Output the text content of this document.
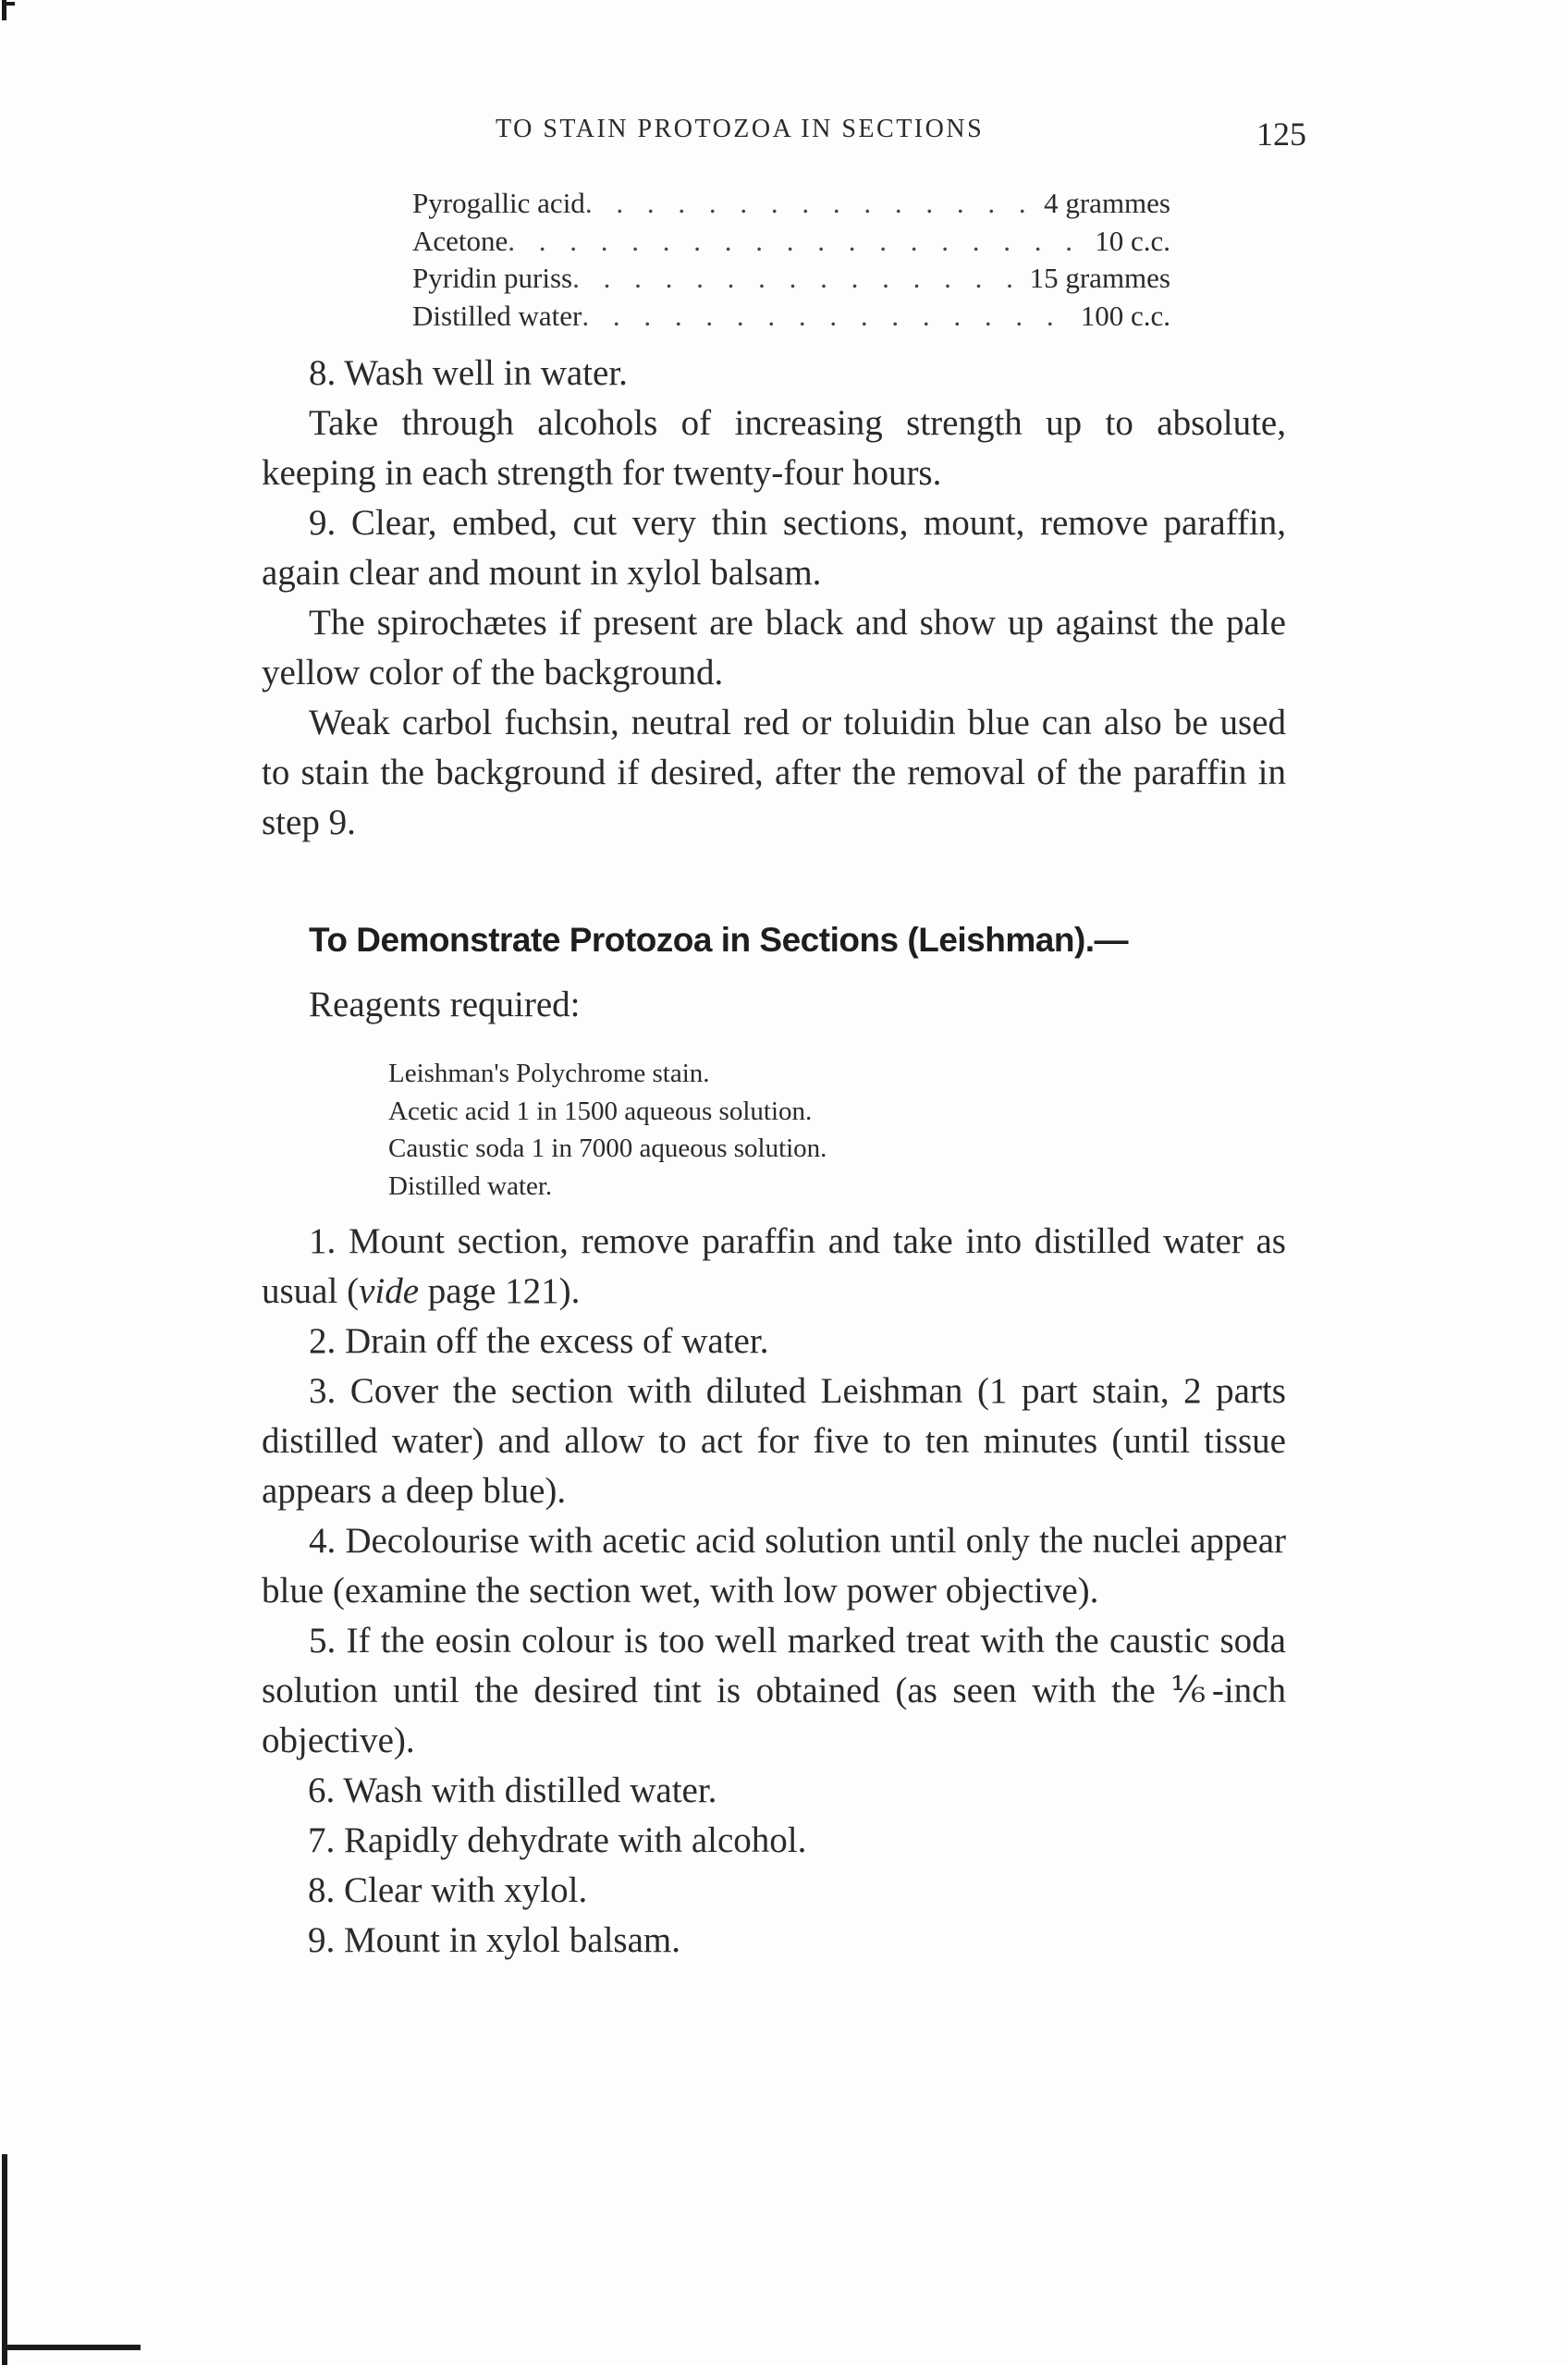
TO STAIN PROTOZOA IN SECTIONS	125
Pyrogallic acid . . .	4 grammes
Acetone . . .	10 c.c.
Pyridin puriss . . .	15 grammes
Distilled water . . .	100 c.c.

8. Wash well in water.

Take through alcohols of increasing strength up to absolute, keeping in each strength for twenty-four hours.

9. Clear, embed, cut very thin sections, mount, remove paraffin, again clear and mount in xylol balsam.

The spirochætes if present are black and show up against the pale yellow color of the background.

Weak carbol fuchsin, neutral red or toluidin blue can also be used to stain the background if desired, after the removal of the paraffin in step 9.

To Demonstrate Protozoa in Sections (Leishman).—

Reagents required:

Leishman's Polychrome stain.
Acetic acid 1 in 1500 aqueous solution.
Caustic soda 1 in 7000 aqueous solution.
Distilled water.

1. Mount section, remove paraffin and take into distilled water as usual (vide page 121).

2. Drain off the excess of water.

3. Cover the section with diluted Leishman (1 part stain, 2 parts distilled water) and allow to act for five to ten minutes (until tissue appears a deep blue).

4. Decolourise with acetic acid solution until only the nuclei appear blue (examine the section wet, with low power objective).

5. If the eosin colour is too well marked treat with the caustic soda solution until the desired tint is obtained (as seen with the ⅙-inch objective).

6. Wash with distilled water.

7. Rapidly dehydrate with alcohol.

8. Clear with xylol.

9. Mount in xylol balsam.
